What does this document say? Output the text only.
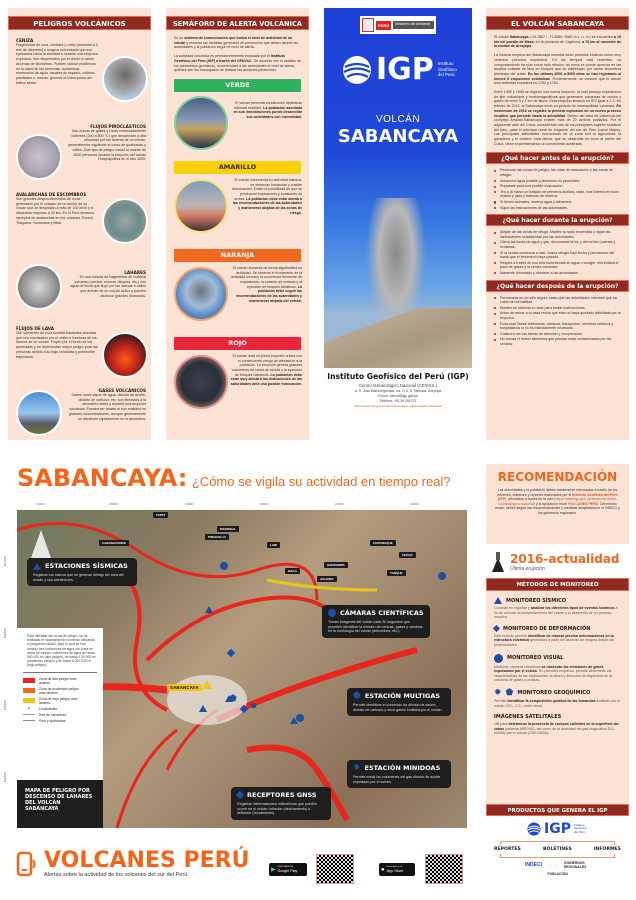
PELIGROS VOLCÁNICOS
CENIZA
Fragmentos de roca, cristales y vidrio (menores a 2 mm de diámetro) o magma pulverizado que son eyectados hacia la atmósfera durante una erupción explosiva. Son dispersados por el viento a varios decenas de kilómetros. Pueden causar problemas en la salud de las personas, contaminar reservorios de agua, canales de regadío, cultivos, pastizales e, incluso, generar la interrupción del tráfico aéreo.
FLUJOS PIROCLÁSTICOS
Son masas de gases y rocas extremadamente calientes (200 a 800 °C) que descienden a alta velocidad por las laderas de un volcán, generalmente siguiendo el curso de quebradas y valles. Este tipo de peligro causó la muerte de 1500 personas durante la erupción del volcán Huaynaputina en el año 1600.
AVALANCHAS DE ESCOMBROS
Son grandes desprendimientos de rocas generados por el colapso de un sector de un volcán que se desplazan a más de 100 km/h y a distancias mayores a 20 km. En el Perú tenemos ejemplos de avalanchas en los volcanes Ticsani, Tutupaca, Yucamane y Misti.
LAHARES
Es una mezcla de fragmentos de material volcánico (ceniza, escoria, bloques, etc.) con agua de lluvia que fluye por las laderas o valles que drenan de un volcán activo y pueden alcanzar grandes distancias.
FLUJOS DE LAVA
Son corrientes de roca fundida bastantes viscosas que son expulsados por el cráter o fracturas de los flancos de un volcán. Fluyen por el fondo de las quebradas y no representan mayor peligro para las personas debido a su bajo velocidad y predecible trayectoria.
GASES VOLCÁNICOS
Gases como vapor de agua, dióxido de azufre, dióxido de carbono, etc. son liberados a la atmósfera antes y durante una erupción volcánica. Pueden ser letales si son emitidos en grandes concentraciones, aunque generalmente se disuelven rápidamente en la atmósfera.
SEMÁFORO DE ALERTA VOLCÁNICA
Es un sistema de comunicación que indica el nivel de actividad de un volcán y muestra las medidas generales de prevención que deben asumir las autoridades y la población según el nivel de alerta.
La actividad volcánica es permanentemente evaluada por el Instituto Geofísico del Perú (IGP) a través del CENVUL. De acuerdo con el análisis de los parámetros geofísicos, recomendará a las autoridades el nivel de alerta, quienes son los encargados de realizar las acciones pertinentes.
VERDE
El volcán presenta condiciones dinámicas internas estables. La población asentada en sus inmediaciones puede desarrollar sus actividades con normalidad.
AMARILLO
El volcán incrementa su actividad sísmica, se observan fumarolas y posible deformación. Existe la posibilidad de que se produzcan explosiones y emisiones de ceniza. La población debe estar atenta a las recomendaciones de las autoridades y mantenerse alejada de las zonas de riesgo.
NARANJA
El volcán aumenta de forma significativa su actividad. Se observa el incremento de la actividad sísmica, la ocurrencia frecuente de explosiones, la emisión de cenizas y la eyección de bloques balísticos. La población debe seguir las recomendaciones de las autoridades y mantenerse alejada del volcán.
ROJO
El volcán está en plena erupción crítica con el consecuente riesgo de afectación a la población. La erupción genera grandes volúmenes de caída de ceniza y la eyección de bloques balísticos. La población debe estar muy atenta a las indicaciones de las autoridades ante una posible evacuación.
PERÚ	Ministerio del Ambiente
IGP Instituto Geofísico del Perú
VOLCÁN
SABANCAYA
Instituto Geofísico del Perú (IGP)
Centro Vulcanológico Nacional (CENVUL)
A. H. José María Arguedas, mz. D, lt. 8, Sachaca, Arequipa
Correo: cenvul@igp.gob.pe
Teléfono: +51 54 251373
https://www.igp.gob.pe/servicios/centro-vulcanologico-nacional/
EL VOLCÁN SABANCAYA
El volcán Sabancaya (-15.7867 / -71.8560; 5960 m s. n. m.) se encuentra a 19 km del pueblo de Maca, en la provincia de Caylloma, a 76 km al noroeste de la ciudad de Arequipa.
La historia eruptiva del Sabancaya muestra tanto periodos efusivos como muy violentos periodos explosivos. En los tiempos más recientes, su comportamiento ha sido sobre todo efusivo, tal como se puede apreciar en las amplios coladas de lava en bloques que se distribuyen por varios kilómetros alrededor del cráter. En los últimos 4000 a 5000 años se han registrado al menos 6 erupciones volcánicas. Recientemente, se conoció que el volcán tuvo actividad explosiva en 1752 y 1784.
Entre 1990 y 1998 se registró una nueva erupción, la cual produjo explosiones de tipo vulcaniana y freatomagmáticas que generaron columnas de ceniza y gases de entre 5 y 7 km de altura. Esta erupción alcanzó un IEV igual a 2-3. En febrero de 2013, el Sabancaya inició un periodo de intranquilidad volcánica. En noviembre de 2016 se registró la primera explosión de un nuevo proceso eruptivo que persiste hasta la actualidad. Dentro del área de influencia del complejo Ampato-Sabancaya existen más de 20 centros poblados. Por el adyacente valle del Colca, considerado uno de los principales lugares turísticos del país, pasa el principal canal de irrigación del sur del Perú (canal Majes). Las principales actividades económicas de la zona son la agricultura, la ganadería y el turismo, esta última, que se desarrolla en torno al cañón del Colca, viene experimentando un crecimiento acelerado.
¿Qué hacer antes de la erupción?
Reconoce las zonas de peligro, las rutas de evacuación y las zonas de refugio.
Almacena agua potable y alimentos no perecibles.
Prepárate para una posible evacuación.
Ten a la mano un botiquín de primeros auxilios, radio, una linterna en buen estado y pilas o baterías de reserva.
Si tienes animales, reserva agua y alimentos.
Sigue las instrucciones de las autoridades.
¿Qué hacer durante la erupción?
Aléjate de las zonas de riesgo. Mantén la radio encendida y sigue las instrucciones establecidas por las autoridades.
Cierra las llaves de agua y gas, desconecta la luz y cierra bien puertas y ventanas.
Si la ceniza comienza a caer, busca refugio bajo techo y permanece allí hasta que el fenómeno haya pasado.
Respira a través de una tela humedecida en agua o vinagre, ello evitará el paso de gases y la ceniza volcánica.
Mantente informado y obedece a las autoridades.
¿Qué hacer después de la erupción?
Permanece en un sitio seguro hasta que las autoridades informen que ha vuelto la normalidad.
Mantén en sintonía tu radio para recibir instrucciones.
Antes de entrar a tu casa revisa que esta no haya quedado debilitada por la erupción.
Evita usar líneas telefónicas, caminos, transportes, servicios médicos y hospitalarios si no es estrictamente necesario.
Colabora con las tareas de atención y recuperación.
No comas ni bebas alimentos que puedan estar contaminados por las cenizas.
SABANCAYA: ¿Cómo se vigila su actividad en tiempo real?
170000	180000	190000	200000	210000	220000
TAPAY
CABANACONDE
MADRIGAL
PINCHOLLO
LARI	COPORAQUE
CHIVAY
MACA
ICHUPAMPA
ACHOMA
YANQUE
SABANCAYA
✹
⬟
ESTACIONES SÍSMICAS
Registran los sismos que se generan debajo del área del volcán y sus alrededores.
CÁMARAS CIENTÍFICAS
Toman imágenes del volcán cada 30 segundos que permiten identificar la emisión de cenizas, gases y cambios en la morfología del volcán (derrumbes, etc.).
⬟ ESTACIÓN MULTIGAS
Permite identificar el contenido de dióxido de azufre, dióxido de carbono y otros gases emitidos por el volcán.
✹ ESTACIÓN MINIDOAS
Permite medir los volúmenes del gas dióxido de azufre expulsado por el volcán.
RECEPTORES GNSS
Registran deformaciones milimétricas que pueden ocurrir en el volcán: inflación (hinchamiento) o deflación (hundimiento).
Para delimitar las zonas de peligro, se ha realizado el modelamiento numérico utilizando el programa LaharZ, para lo cual se han tomado tres volúmenes de agua con base en datos de campo: volúmenes de agua de hasta 500 000 m³ (alto peligro), de hasta 4 00 000 m³ (moderado peligro) y de hasta 8 000 000 m³ (bajo peligro).
Zona de alto peligro ante lahares
Zona de moderado peligro ante lahares
Zona de bajo peligro ante lahares
•	Localidades
Red de carreteras
Ríos y quebradas
MAPA DE PELIGRO POR DESCENSO DE LAHARES DEL VOLCÁN SABANCAYA
8270000
8260000
8250000
8240000
RECOMENDACIÓN
Las autoridades y la población deben mantenerse informadas a través de los informes, boletines y reportes elaborados por el Instituto Geofísico del Perú (IGP), difundidos a través de la web (https://www.igp.gob.pe/servicios/centro-vulcanologico-nacional) y la aplicación móvil VOLCANES PERÚ. Del mismo modo, deben seguir las recomendaciones y medidas adoptadas por el INDECI y los gobiernos regionales.
2016-actualidad
Última erupción
MÉTODOS DE MONITOREO
MONITOREO SÍSMICO
Consiste en registrar y analizar los diferentes tipos de eventos sísmicos a fin de conocer el comportamiento del volcán y el desarrollo de un proceso eruptivo.
MONITOREO DE DEFORMACIÓN
Este método permite identificar de manera precisa deformaciones en la estructura volcánica generados a partir del ascenso de magma desde las profundidades.
MONITOREO VISUAL
Mediante cámaras científicas se observan las emisiones de gases expulsados por el volcán. En periodos eruptivos, permite determinar las características de las explosiones, la altura y dirección de dispersión de la columna de gases y cenizas.
✹ ⬟ MONITOREO GEOQUÍMICO
Permite identificar la composición química de las fumarolas emitidas por el volcán (SO₂, CO₂, entre otros).
IMÁGENES SATELITALES
Útil para determinar la presencia de cuerpos calientes en la superficie del cráter (sistema MIROVA), así como de la densidad del gas magmático SO₂ emitido por el volcán (OMI-NASA).
PRODUCTOS QUE GENERA EL IGP
IGP Instituto Geofísico del Perú
REPORTES	BOLETINES	INFORMES
INDECI ←→ GOBIERNOS REGIONALES
POBLACIÓN
VOLCANES PERÚ
Alertas sobre la actividad de los volcanes del sur del Perú
▶
DISPONIBLE EN
Google Play	● Descárgalo en el
App Store
